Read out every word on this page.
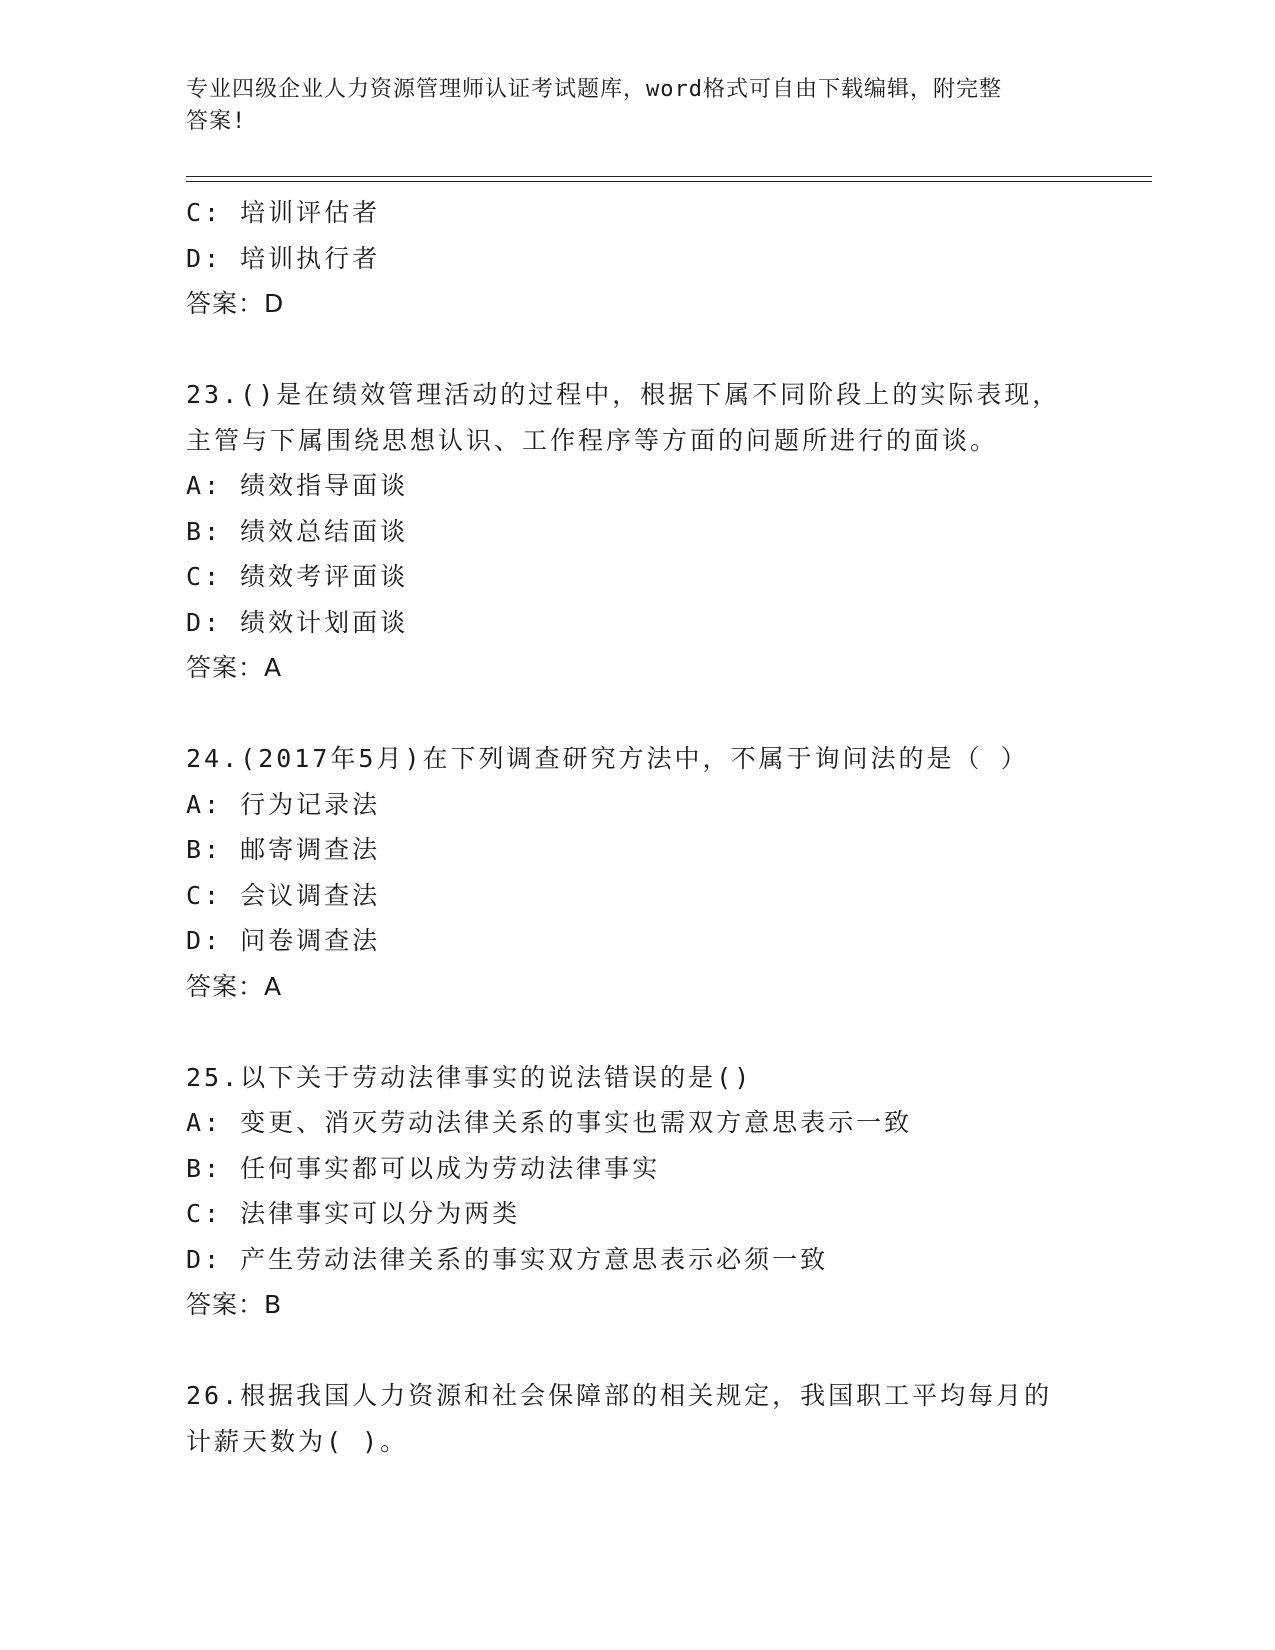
专业四级企业人力资源管理师认证考试题库，word格式可自由下载编辑，附完整
答案!
C: 培训评估者
D: 培训执行者
答案：D
23.()是在绩效管理活动的过程中，根据下属不同阶段上的实际表现，
主管与下属围绕思想认识、工作程序等方面的问题所进行的面谈。
A: 绩效指导面谈
B: 绩效总结面谈
C: 绩效考评面谈
D: 绩效计划面谈
答案：A
24.(2017年5月)在下列调查研究方法中，不属于询问法的是（ ）
A: 行为记录法
B: 邮寄调查法
C: 会议调查法
D: 问卷调查法
答案：A
25.以下关于劳动法律事实的说法错误的是()
A: 变更、消灭劳动法律关系的事实也需双方意思表示一致
B: 任何事实都可以成为劳动法律事实
C: 法律事实可以分为两类
D: 产生劳动法律关系的事实双方意思表示必须一致
答案：B
26.根据我国人力资源和社会保障部的相关规定，我国职工平均每月的
计薪天数为( )。
